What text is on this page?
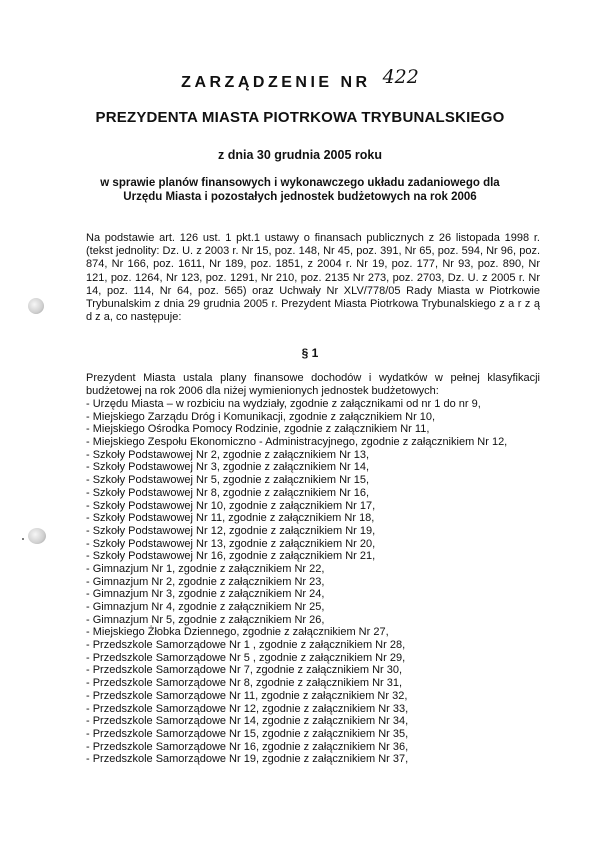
ZARZĄDZENIE NR 422
PREZYDENTA MIASTA PIOTRKOWA TRYBUNALSKIEGO
z dnia 30 grudnia 2005 roku
w sprawie planów finansowych i wykonawczego układu zadaniowego dla Urzędu Miasta i pozostałych jednostek budżetowych na rok 2006
Na podstawie art. 126 ust. 1 pkt.1 ustawy o finansach publicznych z 26 listopada 1998 r. (tekst jednolity: Dz. U. z 2003 r. Nr 15, poz. 148, Nr 45, poz. 391, Nr 65, poz. 594, Nr 96, poz. 874, Nr 166, poz. 1611, Nr 189, poz. 1851, z 2004 r. Nr 19, poz. 177, Nr 93, poz. 890, Nr 121, poz. 1264, Nr 123, poz. 1291, Nr 210, poz. 2135 Nr 273, poz. 2703, Dz. U. z 2005 r. Nr 14, poz. 114, Nr 64, poz. 565) oraz Uchwały Nr XLV/778/05 Rady Miasta w Piotrkowie Trybunalskim z dnia 29 grudnia 2005 r. Prezydent Miasta Piotrkowa Trybunalskiego z a r z ą d z a, co następuje:
§ 1
Prezydent Miasta ustala plany finansowe dochodów i wydatków w pełnej klasyfikacji budżetowej na rok 2006 dla niżej wymienionych jednostek budżetowych:
- Urzędu Miasta – w rozbiciu na wydziały, zgodnie z załącznikami od nr 1 do nr 9,
- Miejskiego Zarządu Dróg i Komunikacji, zgodnie z załącznikiem Nr 10,
- Miejskiego Ośrodka Pomocy Rodzinie, zgodnie z załącznikiem Nr 11,
- Miejskiego Zespołu Ekonomiczno - Administracyjnego, zgodnie z załącznikiem Nr 12,
- Szkoły Podstawowej Nr 2, zgodnie z załącznikiem Nr 13,
- Szkoły Podstawowej Nr 3, zgodnie z załącznikiem Nr 14,
- Szkoły Podstawowej Nr 5, zgodnie z załącznikiem Nr 15,
- Szkoły Podstawowej Nr 8, zgodnie z załącznikiem Nr 16,
- Szkoły Podstawowej Nr 10, zgodnie z załącznikiem Nr 17,
- Szkoły Podstawowej Nr 11, zgodnie z załącznikiem Nr 18,
- Szkoły Podstawowej Nr 12, zgodnie z załącznikiem Nr 19,
- Szkoły Podstawowej Nr 13, zgodnie z załącznikiem Nr 20,
- Szkoły Podstawowej Nr 16, zgodnie z załącznikiem Nr 21,
- Gimnazjum Nr 1, zgodnie z załącznikiem Nr 22,
- Gimnazjum Nr 2, zgodnie z załącznikiem Nr 23,
- Gimnazjum Nr 3, zgodnie z załącznikiem Nr 24,
- Gimnazjum Nr 4, zgodnie z załącznikiem Nr 25,
- Gimnazjum Nr 5, zgodnie z załącznikiem Nr 26,
- Miejskiego Żłobka Dziennego, zgodnie z załącznikiem Nr 27,
- Przedszkole Samorządowe Nr 1 , zgodnie z załącznikiem Nr 28,
- Przedszkole Samorządowe Nr 5 , zgodnie z załącznikiem Nr 29,
- Przedszkole Samorządowe Nr 7, zgodnie z załącznikiem Nr 30,
- Przedszkole Samorządowe Nr 8, zgodnie z załącznikiem Nr 31,
- Przedszkole Samorządowe Nr 11, zgodnie z załącznikiem Nr 32,
- Przedszkole Samorządowe Nr 12, zgodnie z załącznikiem Nr 33,
- Przedszkole Samorządowe Nr 14, zgodnie z załącznikiem Nr 34,
- Przedszkole Samorządowe Nr 15, zgodnie z załącznikiem Nr 35,
- Przedszkole Samorządowe Nr 16, zgodnie z załącznikiem Nr 36,
- Przedszkole Samorządowe Nr 19, zgodnie z załącznikiem Nr 37,
